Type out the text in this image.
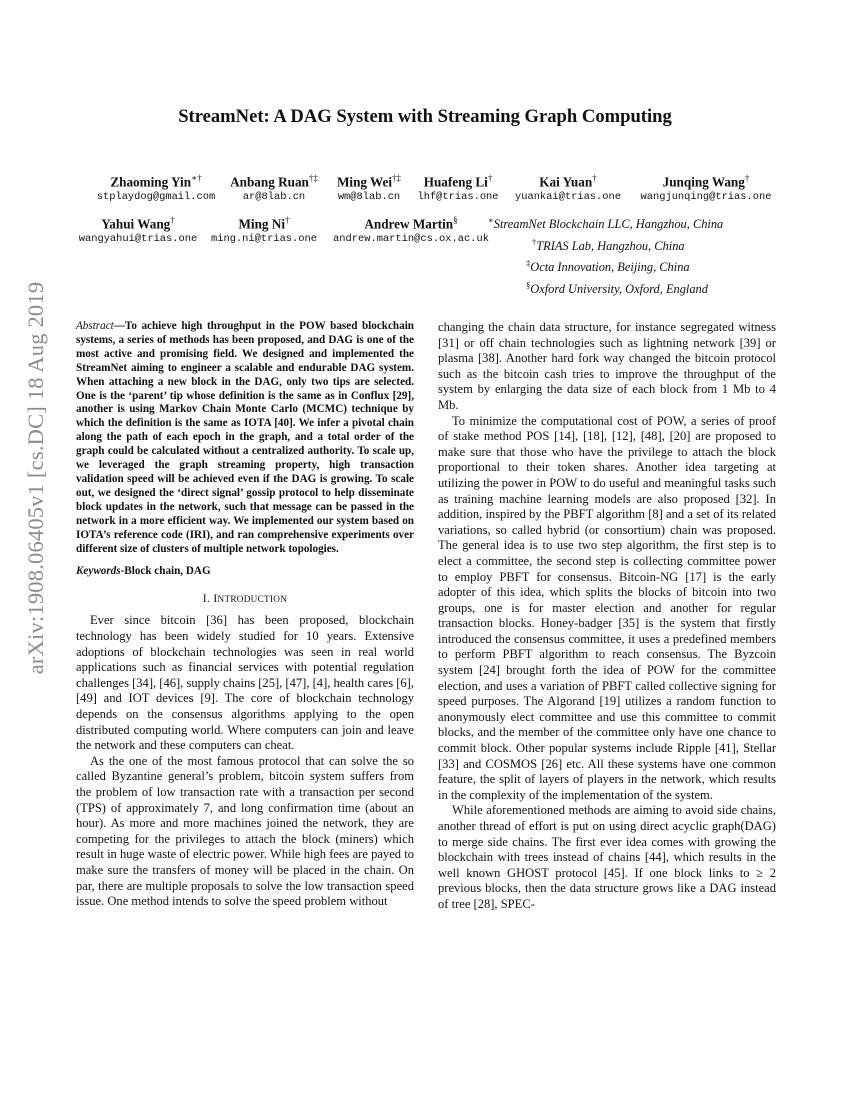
arXiv:1908.06405v1 [cs.DC] 18 Aug 2019
StreamNet: A DAG System with Streaming Graph Computing
Zhaoming Yin∗†
stplaydog@gmail.com
Anbang Ruan†‡
ar@8lab.cn
Ming Wei†‡
wm@8lab.cn
Huafeng Li†
lhf@trias.one
Kai Yuan†
yuankai@trias.one
Junqing Wang†
wangjunqing@trias.one
Yahui Wang†
wangyahui@trias.one
Ming Ni†
ming.ni@trias.one
Andrew Martin§
andrew.martin@cs.ox.ac.uk
∗StreamNet Blockchain LLC, Hangzhou, China
†TRIAS Lab, Hangzhou, China
‡Octa Innovation, Beijing, China
§Oxford University, Oxford, England
Abstract—To achieve high throughput in the POW based blockchain systems, a series of methods has been proposed, and DAG is one of the most active and promising field. We designed and implemented the StreamNet aiming to engineer a scalable and endurable DAG system. When attaching a new block in the DAG, only two tips are selected. One is the ‘parent’ tip whose definition is the same as in Conflux [29], another is using Markov Chain Monte Carlo (MCMC) technique by which the definition is the same as IOTA [40]. We infer a pivotal chain along the path of each epoch in the graph, and a total order of the graph could be calculated without a centralized authority. To scale up, we leveraged the graph streaming property, high transaction validation speed will be achieved even if the DAG is growing. To scale out, we designed the ‘direct signal’ gossip protocol to help disseminate block updates in the network, such that message can be passed in the network in a more efficient way. We implemented our system based on IOTA’s reference code (IRI), and ran comprehensive experiments over different size of clusters of multiple network topologies.
Keywords-Block chain, DAG
I. INTRODUCTION

Ever since bitcoin [36] has been proposed, blockchain technology has been widely studied for 10 years. Extensive adoptions of blockchain technologies was seen in real world applications such as financial services with potential regulation challenges [34], [46], supply chains [25], [47], [4], health cares [6], [49] and IOT devices [9]. The core of blockchain technology depends on the consensus algorithms applying to the open distributed computing world. Where computers can join and leave the network and these computers can cheat.

As the one of the most famous protocol that can solve the so called Byzantine general’s problem, bitcoin system suffers from the problem of low transaction rate with a transaction per second (TPS) of approximately 7, and long confirmation time (about an hour). As more and more machines joined the network, they are competing for the privileges to attach the block (miners) which result in huge waste of electric power. While high fees are payed to make sure the transfers of money will be placed in the chain. On par, there are multiple proposals to solve the low transaction speed issue. One method intends to solve the speed problem without

changing the chain data structure, for instance segregated witness [31] or off chain technologies such as lightning network [39] or plasma [38]. Another hard fork way changed the bitcoin protocol such as the bitcoin cash tries to improve the throughput of the system by enlarging the data size of each block from 1 Mb to 4 Mb.

To minimize the computational cost of POW, a series of proof of stake method POS [14], [18], [12], [48], [20] are proposed to make sure that those who have the privilege to attach the block proportional to their token shares. Another idea targeting at utilizing the power in POW to do useful and meaningful tasks such as training machine learning models are also proposed [32]. In addition, inspired by the PBFT algorithm [8] and a set of its related variations, so called hybrid (or consortium) chain was proposed. The general idea is to use two step algorithm, the first step is to elect a committee, the second step is collecting committee power to employ PBFT for consensus. Bitcoin-NG [17] is the early adopter of this idea, which splits the blocks of bitcoin into two groups, one is for master election and another for regular transaction blocks. Honey-badger [35] is the system that firstly introduced the consensus committee, it uses a predefined members to perform PBFT algorithm to reach consensus. The Byzcoin system [24] brought forth the idea of POW for the committee election, and uses a variation of PBFT called collective signing for speed purposes. The Algorand [19] utilizes a random function to anonymously elect committee and use this committee to commit blocks, and the member of the committee only have one chance to commit block. Other popular systems include Ripple [41], Stellar [33] and COSMOS [26] etc. All these systems have one common feature, the split of layers of players in the network, which results in the complexity of the implementation of the system.

While aforementioned methods are aiming to avoid side chains, another thread of effort is put on using direct acyclic graph(DAG) to merge side chains. The first ever idea comes with growing the blockchain with trees instead of chains [44], which results in the well known GHOST protocol [45]. If one block links to ≥ 2 previous blocks, then the data structure grows like a DAG instead of tree [28], SPEC-
